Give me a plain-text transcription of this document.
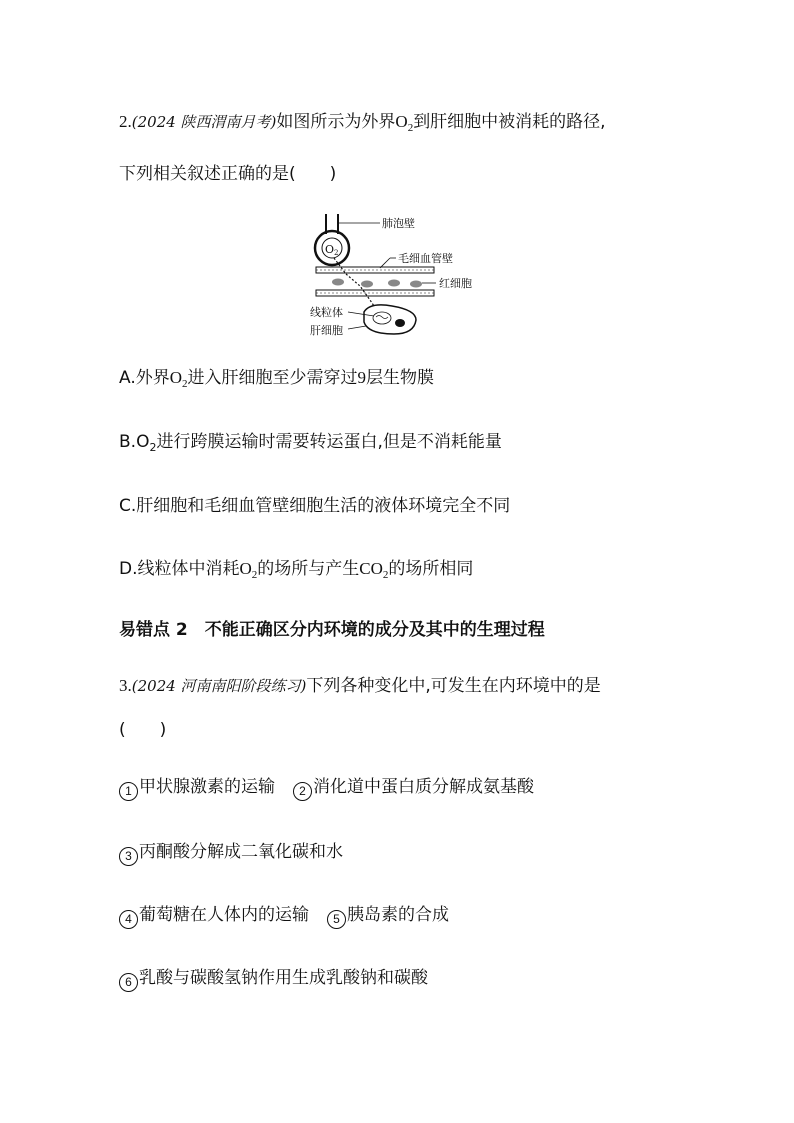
2.(2024 陕西渭南月考)如图所示为外界$O_2$到肝细胞中被消耗的路径,
下列相关叙述正确的是(　　)
O2
肺泡壁
毛细血管壁
红细胞
线粒体
肝细胞
A.外界$O_2$进入肝细胞至少需穿过9层生物膜
$B.O_2$进行跨膜运输时需要转运蛋白,但是不消耗能量
C.肝细胞和毛细血管壁细胞生活的液体环境完全不同
D.线粒体中消耗$O_2$的场所与产生$CO_2$的场所相同
易错点 2　不能正确区分内环境的成分及其中的生理过程
3.(2024 河南南阳阶段练习)下列各种变化中,可发生在内环境中的是
(　　)
1 甲状腺激素的运输 2 消化道中蛋白质分解成氨基酸
3 丙酮酸分解成二氧化碳和水
4 葡萄糖在人体内的运输 5 胰岛素的合成
6 乳酸与碳酸氢钠作用生成乳酸钠和碳酸
